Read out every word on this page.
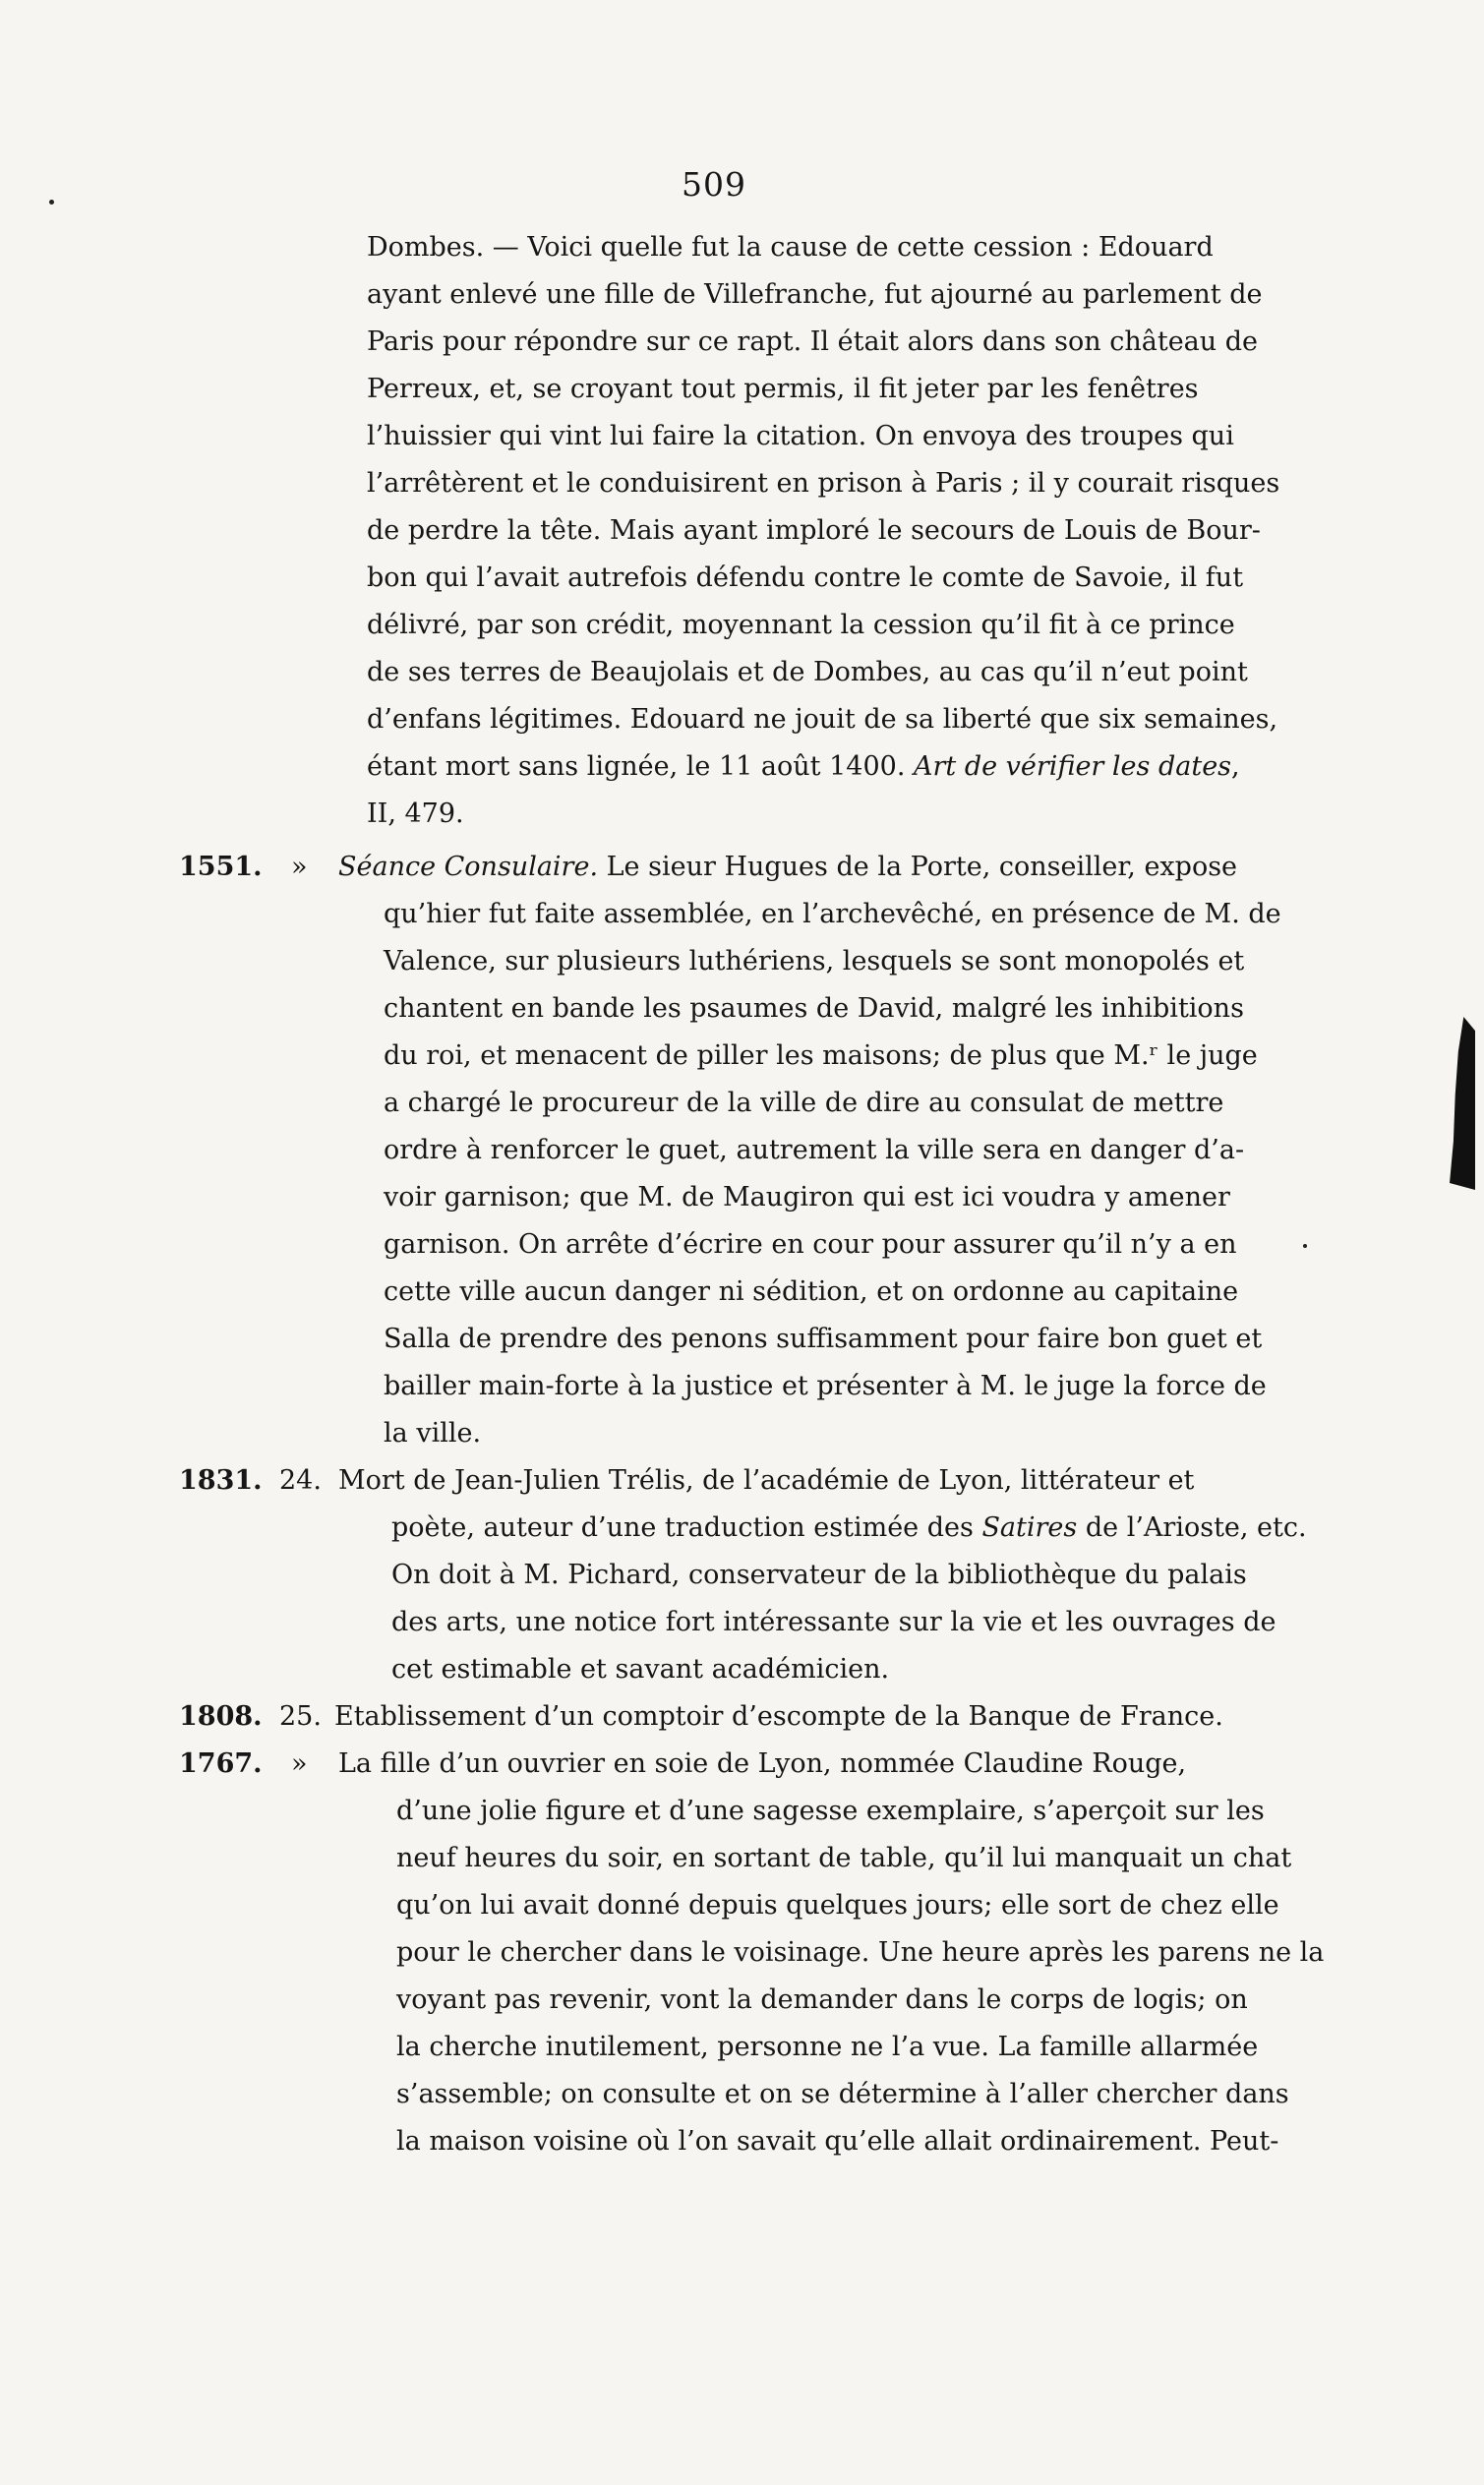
509
Dombes. — Voici quelle fut la cause de cette cession : Edouard
ayant enlevé une fille de Villefranche, fut ajourné au parlement de
Paris pour répondre sur ce rapt. Il était alors dans son château de
Perreux, et, se croyant tout permis, il fit jeter par les fenêtres
l’huissier qui vint lui faire la citation. On envoya des troupes qui
l’arrêtèrent et le conduisirent en prison à Paris ; il y courait risques
de perdre la tête. Mais ayant imploré le secours de Louis de Bour-
bon qui l’avait autrefois défendu contre le comte de Savoie, il fut
délivré, par son crédit, moyennant la cession qu’il fit à ce prince
de ses terres de Beaujolais et de Dombes, au cas qu’il n’eut point
d’enfans légitimes. Edouard ne jouit de sa liberté que six semaines,
étant mort sans lignée, le 11 août 1400. Art de vérifier les dates,
II, 479.
1551. » Séance Consulaire. Le sieur Hugues de la Porte, conseiller, expose
qu’hier fut faite assemblée, en l’archevêché, en présence de M. de
Valence, sur plusieurs luthériens, lesquels se sont monopolés et
chantent en bande les psaumes de David, malgré les inhibitions
du roi, et menacent de piller les maisons; de plus que M.ʳ le juge
a chargé le procureur de la ville de dire au consulat de mettre
ordre à renforcer le guet, autrement la ville sera en danger d’a-
voir garnison; que M. de Maugiron qui est ici voudra y amener
garnison. On arrête d’écrire en cour pour assurer qu’il n’y a en
cette ville aucun danger ni sédition, et on ordonne au capitaine
Salla de prendre des penons suffisamment pour faire bon guet et
bailler main-forte à la justice et présenter à M. le juge la force de
la ville.
1831. 24. Mort de Jean-Julien Trélis, de l’académie de Lyon, littérateur et
poète, auteur d’une traduction estimée des Satires de l’Arioste, etc.
On doit à M. Pichard, conservateur de la bibliothèque du palais
des arts, une notice fort intéressante sur la vie et les ouvrages de
cet estimable et savant académicien.
1808. 25. Etablissement d’un comptoir d’escompte de la Banque de France.
1767. » La fille d’un ouvrier en soie de Lyon, nommée Claudine Rouge,
d’une jolie figure et d’une sagesse exemplaire, s’aperçoit sur les
neuf heures du soir, en sortant de table, qu’il lui manquait un chat
qu’on lui avait donné depuis quelques jours; elle sort de chez elle
pour le chercher dans le voisinage. Une heure après les parens ne la
voyant pas revenir, vont la demander dans le corps de logis; on
la cherche inutilement, personne ne l’a vue. La famille allarmée
s’assemble; on consulte et on se détermine à l’aller chercher dans
la maison voisine où l’on savait qu’elle allait ordinairement. Peut-
